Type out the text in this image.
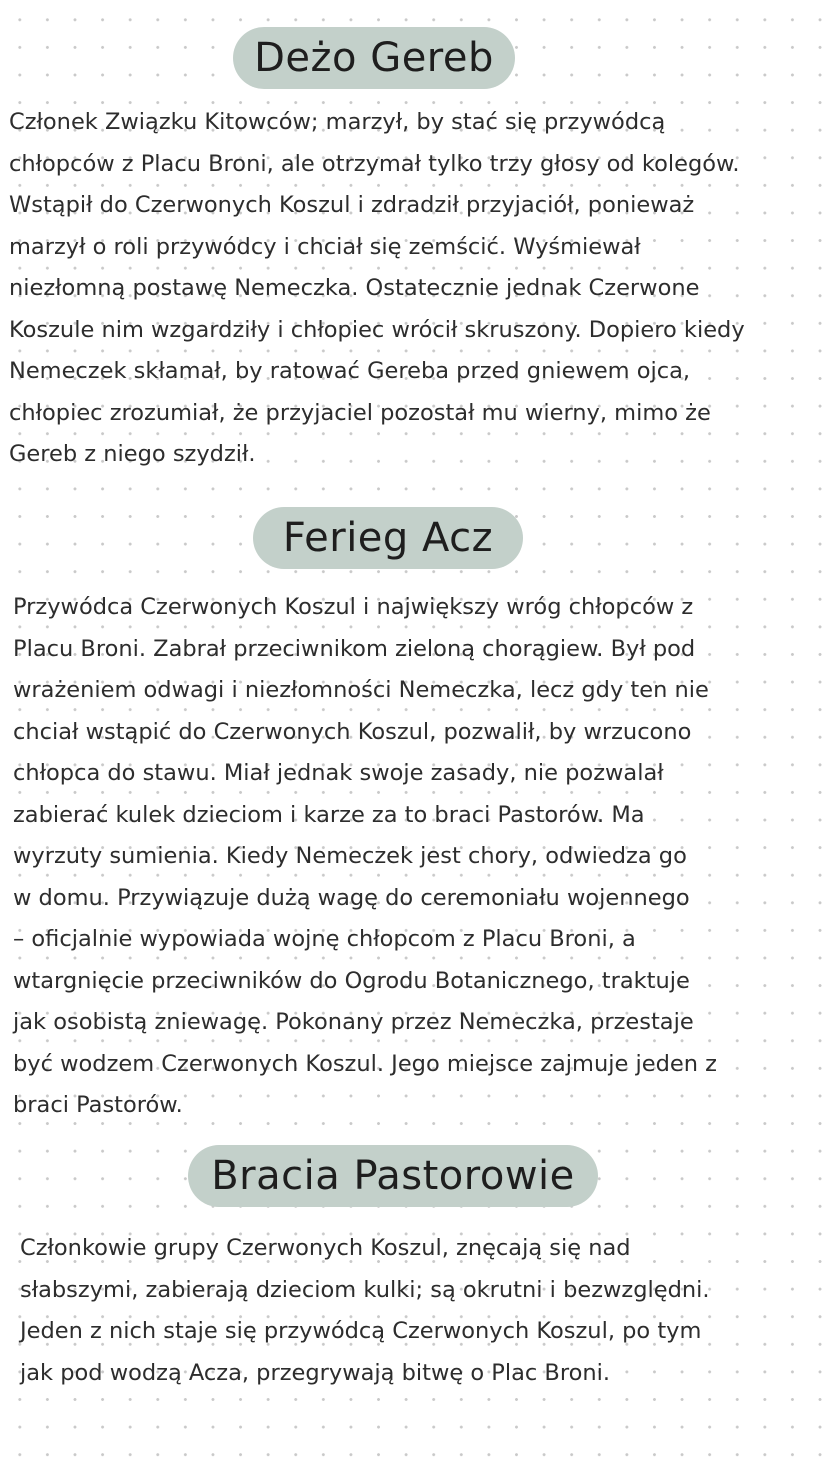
Deżo Gereb
Członek Związku Kitowców; marzył, by stać się przywódcą
chłopców z Placu Broni, ale otrzymał tylko trzy głosy od kolegów.
Wstąpił do Czerwonych Koszul i zdradził przyjaciół, ponieważ
marzył o roli przywódcy i chciał się zemścić. Wyśmiewał
niezłomną postawę Nemeczka. Ostatecznie jednak Czerwone
Koszule nim wzgardziły i chłopiec wrócił skruszony. Dopiero kiedy
Nemeczek skłamał, by ratować Gereba przed gniewem ojca,
chłopiec zrozumiał, że przyjaciel pozostał mu wierny, mimo że
Gereb z niego szydził.
Ferieg Acz
Przywódca Czerwonych Koszul i największy wróg chłopców z
Placu Broni. Zabrał przeciwnikom zieloną chorągiew. Był pod
wrażeniem odwagi i niezłomności Nemeczka, lecz gdy ten nie
chciał wstąpić do Czerwonych Koszul, pozwalił, by wrzucono
chłopca do stawu. Miał jednak swoje zasady, nie pozwalał
zabierać kulek dzieciom i karze za to braci Pastorów. Ma
wyrzuty sumienia. Kiedy Nemeczek jest chory, odwiedza go
w domu. Przywiązuje dużą wagę do ceremoniału wojennego
– oficjalnie wypowiada wojnę chłopcom z Placu Broni, a
wtargnięcie przeciwników do Ogrodu Botanicznego, traktuje
jak osobistą zniewagę. Pokonany przez Nemeczka, przestaje
być wodzem Czerwonych Koszul. Jego miejsce zajmuje jeden z
braci Pastorów.
Bracia Pastorowie
Członkowie grupy Czerwonych Koszul, znęcają się nad
słabszymi, zabierają dzieciom kulki; są okrutni i bezwzględni.
Jeden z nich staje się przywódcą Czerwonych Koszul, po tym
jak pod wodzą Acza, przegrywają bitwę o Plac Broni.
